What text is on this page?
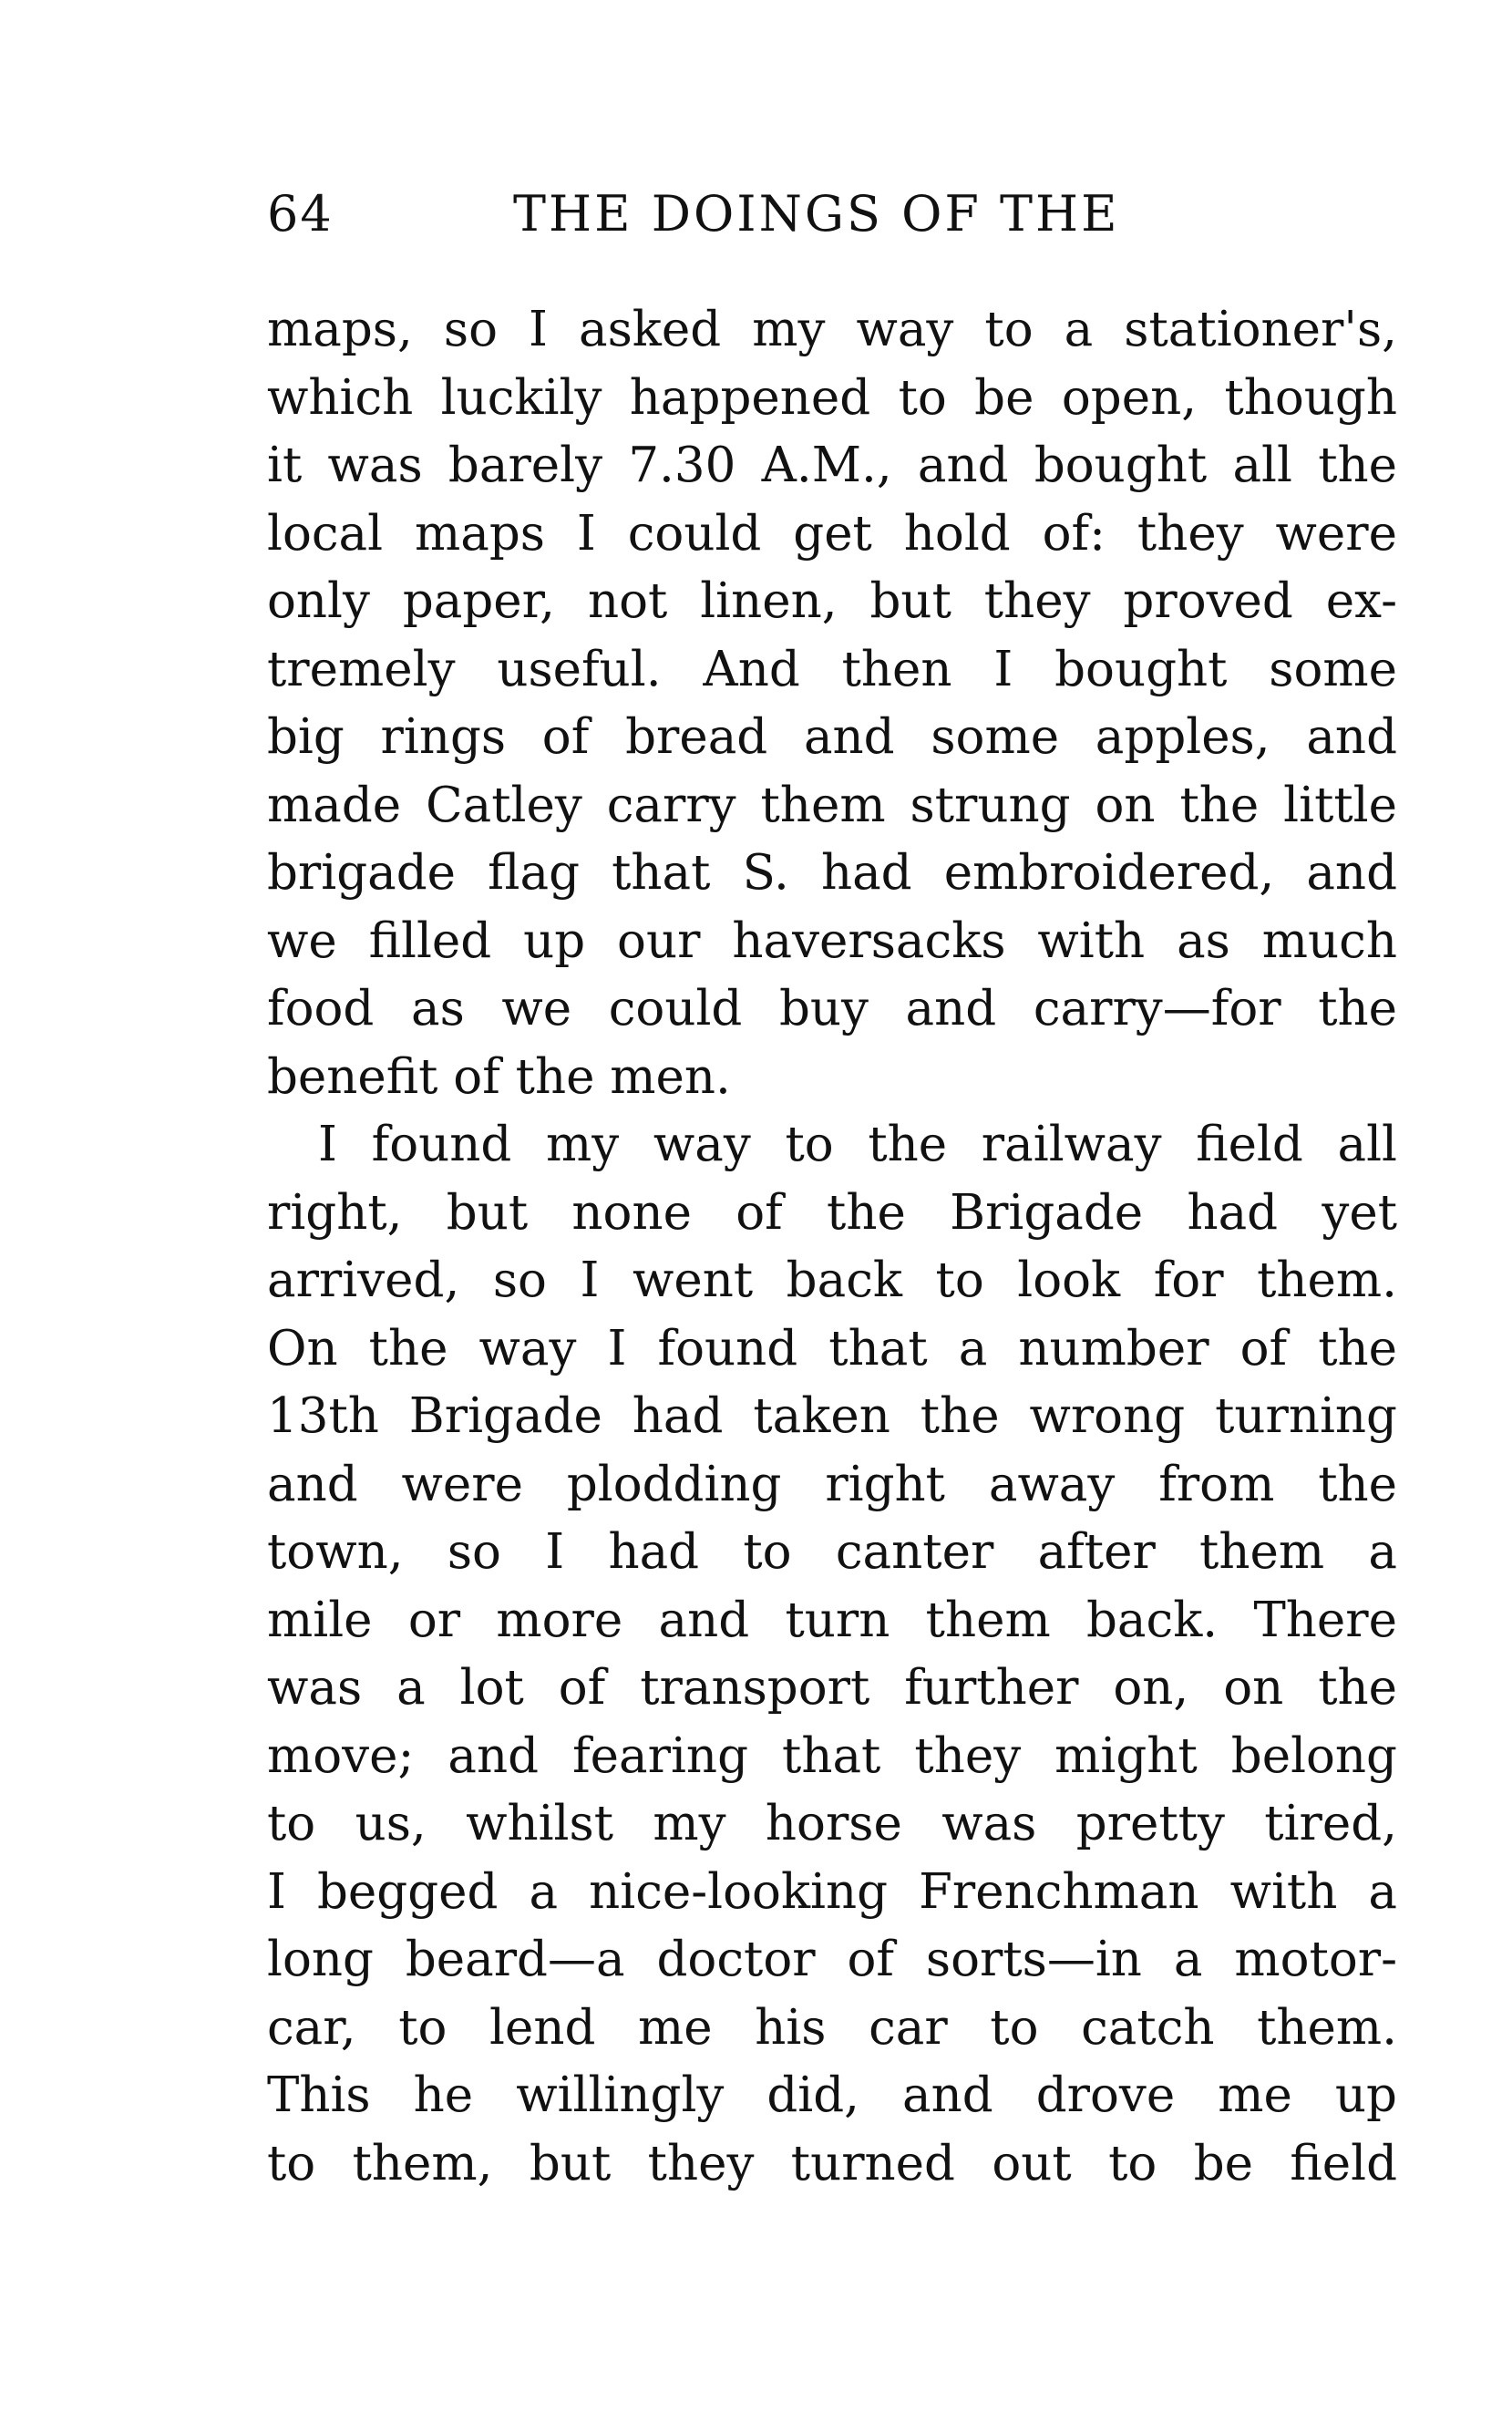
64	THE DOINGS OF THE
maps, so I asked my way to a stationer's,
which luckily happened to be open, though
it was barely 7.30 A.M., and bought all the
local maps I could get hold of: they were
only paper, not linen, but they proved ex-
tremely useful. And then I bought some
big rings of bread and some apples, and
made Catley carry them strung on the little
brigade flag that S. had embroidered, and
we filled up our haversacks with as much
food as we could buy and carry—for the
benefit of the men.
I found my way to the railway field all
right, but none of the Brigade had yet
arrived, so I went back to look for them.
On the way I found that a number of the
13th Brigade had taken the wrong turning
and were plodding right away from the
town, so I had to canter after them a
mile or more and turn them back. There
was a lot of transport further on, on the
move; and fearing that they might belong
to us, whilst my horse was pretty tired,
I begged a nice-looking Frenchman with a
long beard—a doctor of sorts—in a motor-
car, to lend me his car to catch them.
This he willingly did, and drove me up
to them, but they turned out to be field
